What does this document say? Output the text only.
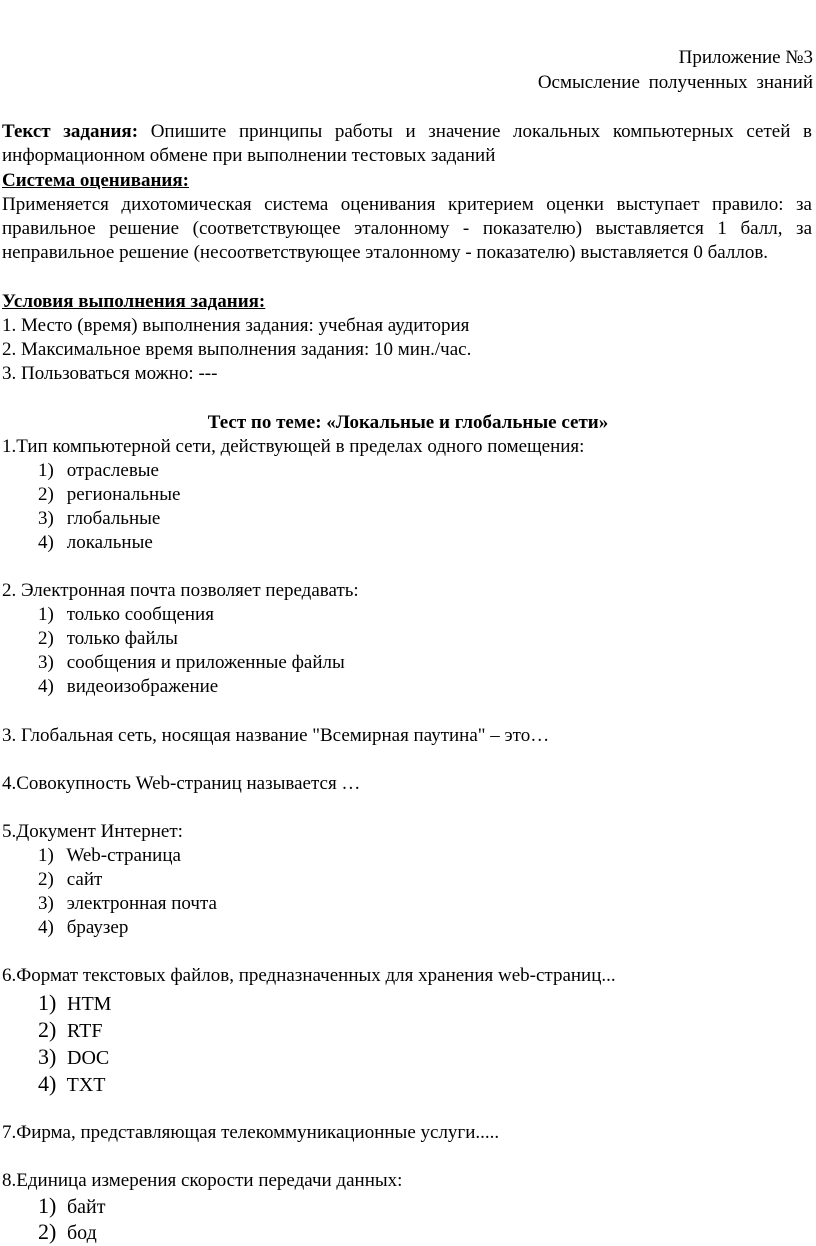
Приложение №3
Осмысление полученных знаний
Текст задания: Опишите принципы работы и значение локальных компьютерных сетей в информационном обмене при выполнении тестовых заданий
Система оценивания:
Применяется дихотомическая система оценивания критерием оценки выступает правило: за правильное решение (соответствующее эталонному - показателю) выставляется 1 балл, за неправильное решение (несоответствующее эталонному - показателю) выставляется 0 баллов.
Условия выполнения задания:
1. Место (время) выполнения задания: учебная аудитория
2. Максимальное время выполнения задания: 10 мин./час.
3. Пользоваться можно: ---
Тест по теме: «Локальные и глобальные сети»
1.Тип компьютерной сети, действующей в пределах одного помещения:
1) отраслевые
2) региональные
3) глобальные
4) локальные
2. Электронная почта позволяет передавать:
1) только сообщения
2) только файлы
3) сообщения и приложенные файлы
4) видеоизображение
3. Глобальная сеть, носящая название "Всемирная паутина" – это…
4.Совокупность Web-страниц называется …
5.Документ Интернет:
1) Web-страница
2) сайт
3) электронная почта
4) браузер
6.Формат текстовых файлов, предназначенных для хранения web-страниц...
1) HTM
2) RTF
3) DOC
4) TXT
7.Фирма, представляющая телекоммуникационные услуги.....
8.Единица измерения скорости передачи данных:
1) байт
2) бод
